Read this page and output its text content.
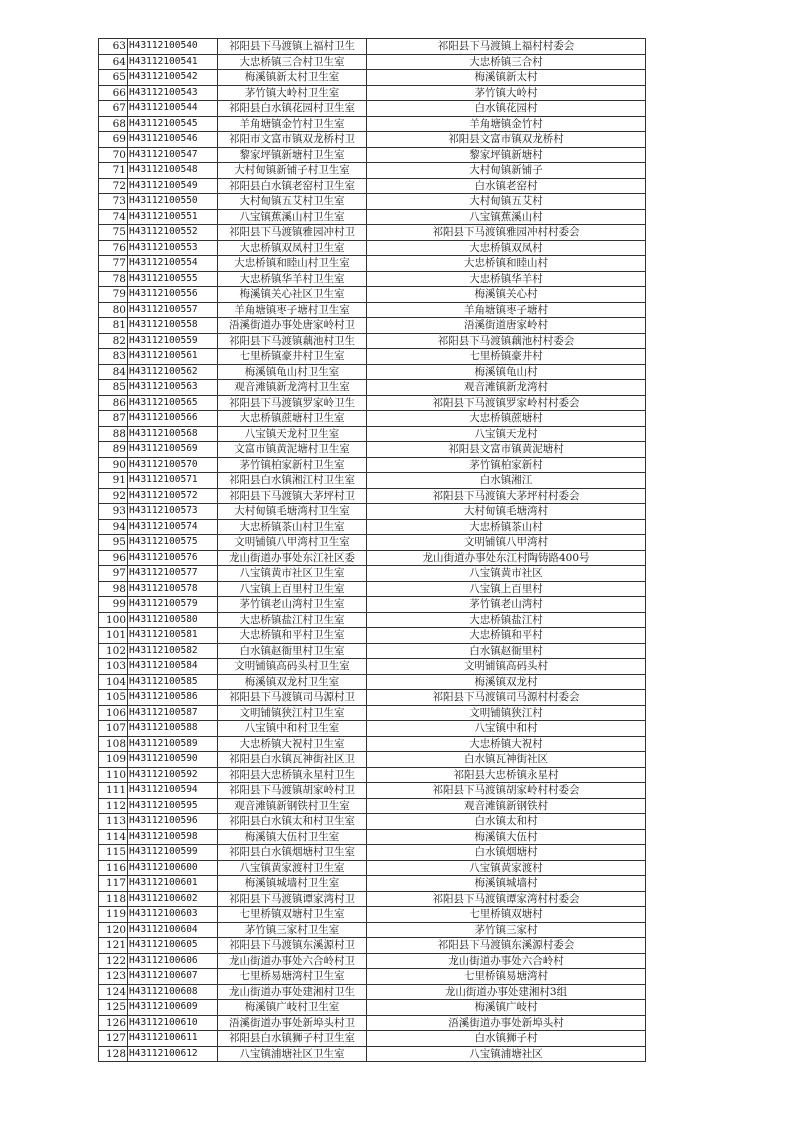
63	H43112100540	祁阳县下马渡镇上福村卫生	祁阳县下马渡镇上福村村委会
64	H43112100541	大忠桥镇三合村卫生室	大忠桥镇三合村
65	H43112100542	梅溪镇新太村卫生室	梅溪镇新太村
66	H43112100543	茅竹镇大岭村卫生室	茅竹镇大岭村
67	H43112100544	祁阳县白水镇花园村卫生室	白水镇花园村
68	H43112100545	羊角塘镇金竹村卫生室	羊角塘镇金竹村
69	H43112100546	祁阳市文富市镇双龙桥村卫	祁阳县文富市镇双龙桥村
70	H43112100547	黎家坪镇新塘村卫生室	黎家坪镇新塘村
71	H43112100548	大村甸镇新铺子村卫生室	大村甸镇新铺子
72	H43112100549	祁阳县白水镇老窑村卫生室	白水镇老窑村
73	H43112100550	大村甸镇五艾村卫生室	大村甸镇五艾村
74	H43112100551	八宝镇蕉溪山村卫生室	八宝镇蕉溪山村
75	H43112100552	祁阳县下马渡镇雅园冲村卫	祁阳县下马渡镇雅园冲村村委会
76	H43112100553	大忠桥镇双凤村卫生室	大忠桥镇双凤村
77	H43112100554	大忠桥镇和睦山村卫生室	大忠桥镇和睦山村
78	H43112100555	大忠桥镇华羊村卫生室	大忠桥镇华羊村
79	H43112100556	梅溪镇关心社区卫生室	梅溪镇关心村
80	H43112100557	羊角塘镇枣子塘村卫生室	羊角塘镇枣子塘村
81	H43112100558	浯溪街道办事处唐家岭村卫	浯溪街道唐家岭村
82	H43112100559	祁阳县下马渡镇藕池村卫生	祁阳县下马渡镇藕池村村委会
83	H43112100561	七里桥镇豪井村卫生室	七里桥镇豪井村
84	H43112100562	梅溪镇龟山村卫生室	梅溪镇龟山村
85	H43112100563	观音滩镇新龙湾村卫生室	观音滩镇新龙湾村
86	H43112100565	祁阳县下马渡镇罗家岭卫生	祁阳县下马渡镇罗家岭村村委会
87	H43112100566	大忠桥镇蔗塘村卫生室	大忠桥镇蔗塘村
88	H43112100568	八宝镇天龙村卫生室	八宝镇天龙村
89	H43112100569	文富市镇黄泥塘村卫生室	祁阳县文富市镇黄泥塘村
90	H43112100570	茅竹镇柏家新村卫生室	茅竹镇柏家新村
91	H43112100571	祁阳县白水镇湘江村卫生室	白水镇湘江
92	H43112100572	祁阳县下马渡镇大茅坪村卫	祁阳县下马渡镇大茅坪村村委会
93	H43112100573	大村甸镇毛塘湾村卫生室	大村甸镇毛塘湾村
94	H43112100574	大忠桥镇茶山村卫生室	大忠桥镇茶山村
95	H43112100575	文明铺镇八甲湾村卫生室	文明铺镇八甲湾村
96	H43112100576	龙山街道办事处东江社区委	龙山街道办事处东江村陶铸路400号
97	H43112100577	八宝镇黄市社区卫生室	八宝镇黄市社区
98	H43112100578	八宝镇上百里村卫生室	八宝镇上百里村
99	H43112100579	茅竹镇老山湾村卫生室	茅竹镇老山湾村
100	H43112100580	大忠桥镇盐江村卫生室	大忠桥镇盐江村
101	H43112100581	大忠桥镇和平村卫生室	大忠桥镇和平村
102	H43112100582	白水镇赵衙里村卫生室	白水镇赵衙里村
103	H43112100584	文明铺镇高码头村卫生室	文明铺镇高码头村
104	H43112100585	梅溪镇双龙村卫生室	梅溪镇双龙村
105	H43112100586	祁阳县下马渡镇司马源村卫	祁阳县下马渡镇司马源村村委会
106	H43112100587	文明铺镇狭江村卫生室	文明铺镇狭江村
107	H43112100588	八宝镇中和村卫生室	八宝镇中和村
108	H43112100589	大忠桥镇大祝村卫生室	大忠桥镇大祝村
109	H43112100590	祁阳县白水镇瓦神街社区卫	白水镇瓦神街社区
110	H43112100592	祁阳县大忠桥镇永星村卫生	祁阳县大忠桥镇永星村
111	H43112100594	祁阳县下马渡镇胡家岭村卫	祁阳县下马渡镇胡家岭村村委会
112	H43112100595	观音滩镇新钢铁村卫生室	观音滩镇新钢铁村
113	H43112100596	祁阳县白水镇太和村卫生室	白水镇太和村
114	H43112100598	梅溪镇大伍村卫生室	梅溪镇大伍村
115	H43112100599	祁阳县白水镇烟塘村卫生室	白水镇烟塘村
116	H43112100600	八宝镇黄家渡村卫生室	八宝镇黄家渡村
117	H43112100601	梅溪镇城墙村卫生室	梅溪镇城墙村
118	H43112100602	祁阳县下马渡镇谭家湾村卫	祁阳县下马渡镇谭家湾村村委会
119	H43112100603	七里桥镇双塘村卫生室	七里桥镇双塘村
120	H43112100604	茅竹镇三家村卫生室	茅竹镇三家村
121	H43112100605	祁阳县下马渡镇东溪源村卫	祁阳县下马渡镇东溪源村委会
122	H43112100606	龙山街道办事处六合岭村卫	龙山街道办事处六合岭村
123	H43112100607	七里桥易塘湾村卫生室	七里桥镇易塘湾村
124	H43112100608	龙山街道办事处建湘村卫生	龙山街道办事处建湘村3组
125	H43112100609	梅溪镇广岐村卫生室	梅溪镇广岐村
126	H43112100610	浯溪街道办事处新埠头村卫	浯溪街道办事处新埠头村
127	H43112100611	祁阳县白水镇狮子村卫生室	白水镇狮子村
128	H43112100612	八宝镇浦塘社区卫生室	八宝镇浦塘社区
